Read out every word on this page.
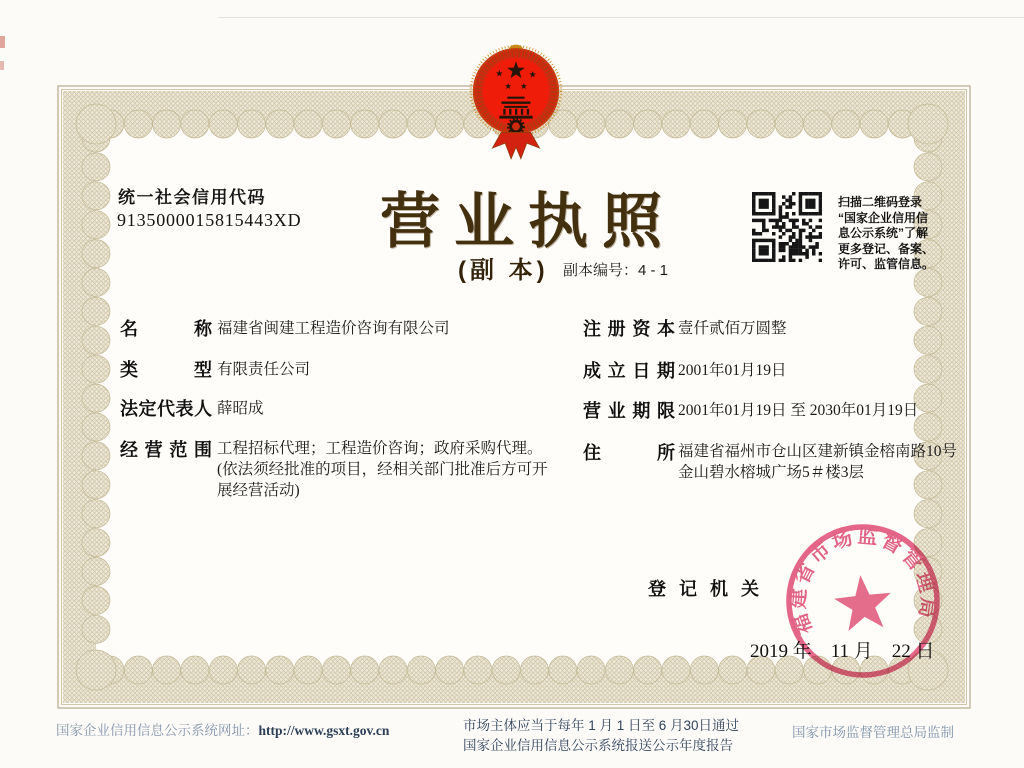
统一社会信用代码
9135000015815443XD 营业执照
(副 本) 副本编号：4 - 1
扫描二维码登录
“国家企业信用信
息公示系统”了解
更多登记、备案、
许可、监管信息。
名称 福建省闽建工程造价咨询有限公司
类型 有限责任公司
法定代表人 薛昭成
经营范围 工程招标代理；工程造价咨询；政府采购代理。(依法须经批准的项目，经相关部门批准后方可开展经营活动)
注册资本 壹仟贰佰万圆整
成立日期 2001年01月19日
营业期限 2001年01月19日 至 2030年01月19日
住所 福建省福州市仓山区建新镇金榕南路10号金山碧水榕城广场5＃楼3层
登记机关
2019 年　11 月　22 日
福建省市场监督管理局
国家企业信用信息公示系统网址：http://www.gsxt.gov.cn	市场主体应当于每年 1 月 1 日至 6 月30日通过
国家企业信用信息公示系统报送公示年度报告
国家市场监督管理总局监制
